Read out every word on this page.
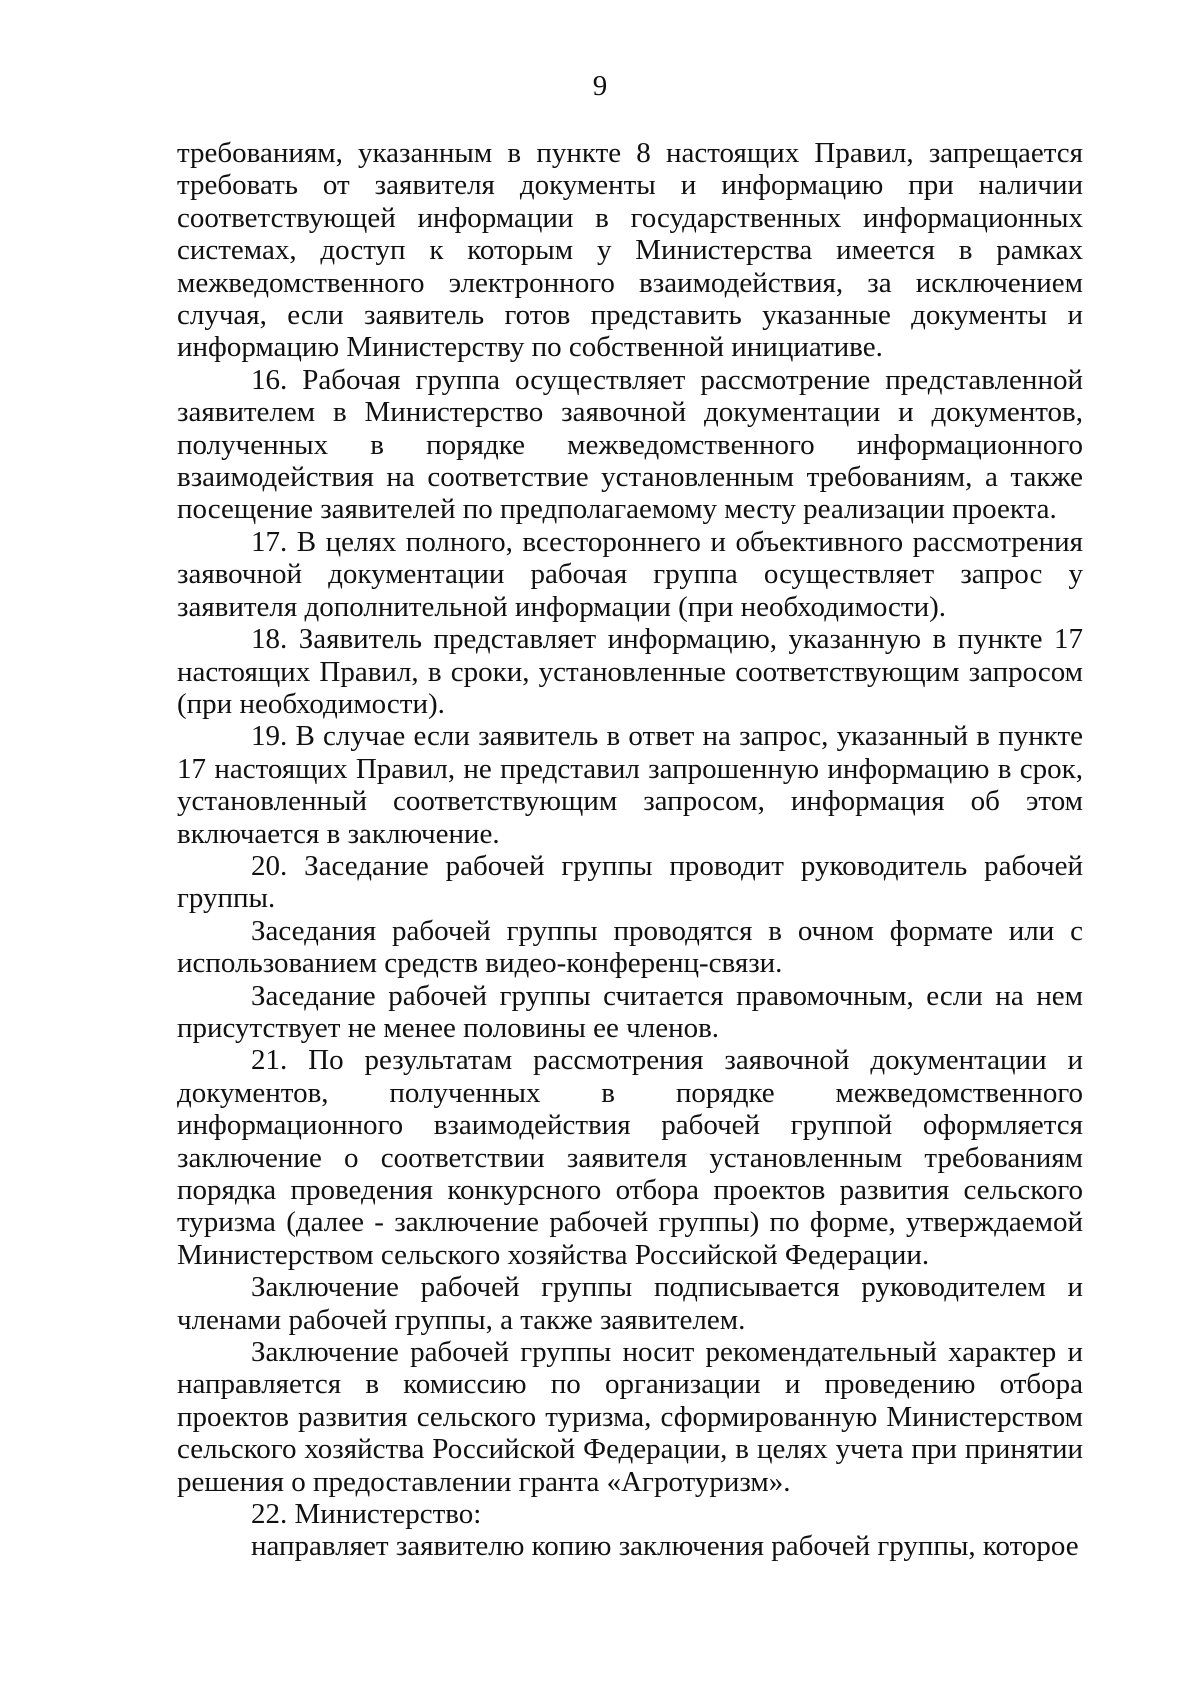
9

требованиям, указанным в пункте 8 настоящих Правил, запрещается требовать от заявителя документы и информацию при наличии соответствующей информации в государственных информационных системах, доступ к которым у Министерства имеется в рамках межведомственного электронного взаимодействия, за исключением случая, если заявитель готов представить указанные документы и информацию Министерству по собственной инициативе.

16. Рабочая группа осуществляет рассмотрение представленной заявителем в Министерство заявочной документации и документов, полученных в порядке межведомственного информационного взаимодействия на соответствие установленным требованиям, а также посещение заявителей по предполагаемому месту реализации проекта.

17. В целях полного, всестороннего и объективного рассмотрения заявочной документации рабочая группа осуществляет запрос у заявителя дополнительной информации (при необходимости).

18. Заявитель представляет информацию, указанную в пункте 17 настоящих Правил, в сроки, установленные соответствующим запросом (при необходимости).

19. В случае если заявитель в ответ на запрос, указанный в пункте 17 настоящих Правил, не представил запрошенную информацию в срок, установленный соответствующим запросом, информация об этом включается в заключение.

20. Заседание рабочей группы проводит руководитель рабочей группы.

Заседания рабочей группы проводятся в очном формате или с использованием средств видео-конференц-связи.

Заседание рабочей группы считается правомочным, если на нем присутствует не менее половины ее членов.

21. По результатам рассмотрения заявочной документации и документов, полученных в порядке межведомственного информационного взаимодействия рабочей группой оформляется заключение о соответствии заявителя установленным требованиям порядка проведения конкурсного отбора проектов развития сельского туризма (далее - заключение рабочей группы) по форме, утверждаемой Министерством сельского хозяйства Российской Федерации.

Заключение рабочей группы подписывается руководителем и членами рабочей группы, а также заявителем.

Заключение рабочей группы носит рекомендательный характер и направляется в комиссию по организации и проведению отбора проектов развития сельского туризма, сформированную Министерством сельского хозяйства Российской Федерации, в целях учета при принятии решения о предоставлении гранта «Агротуризм».

22. Министерство:

направляет заявителю копию заключения рабочей группы, которое
